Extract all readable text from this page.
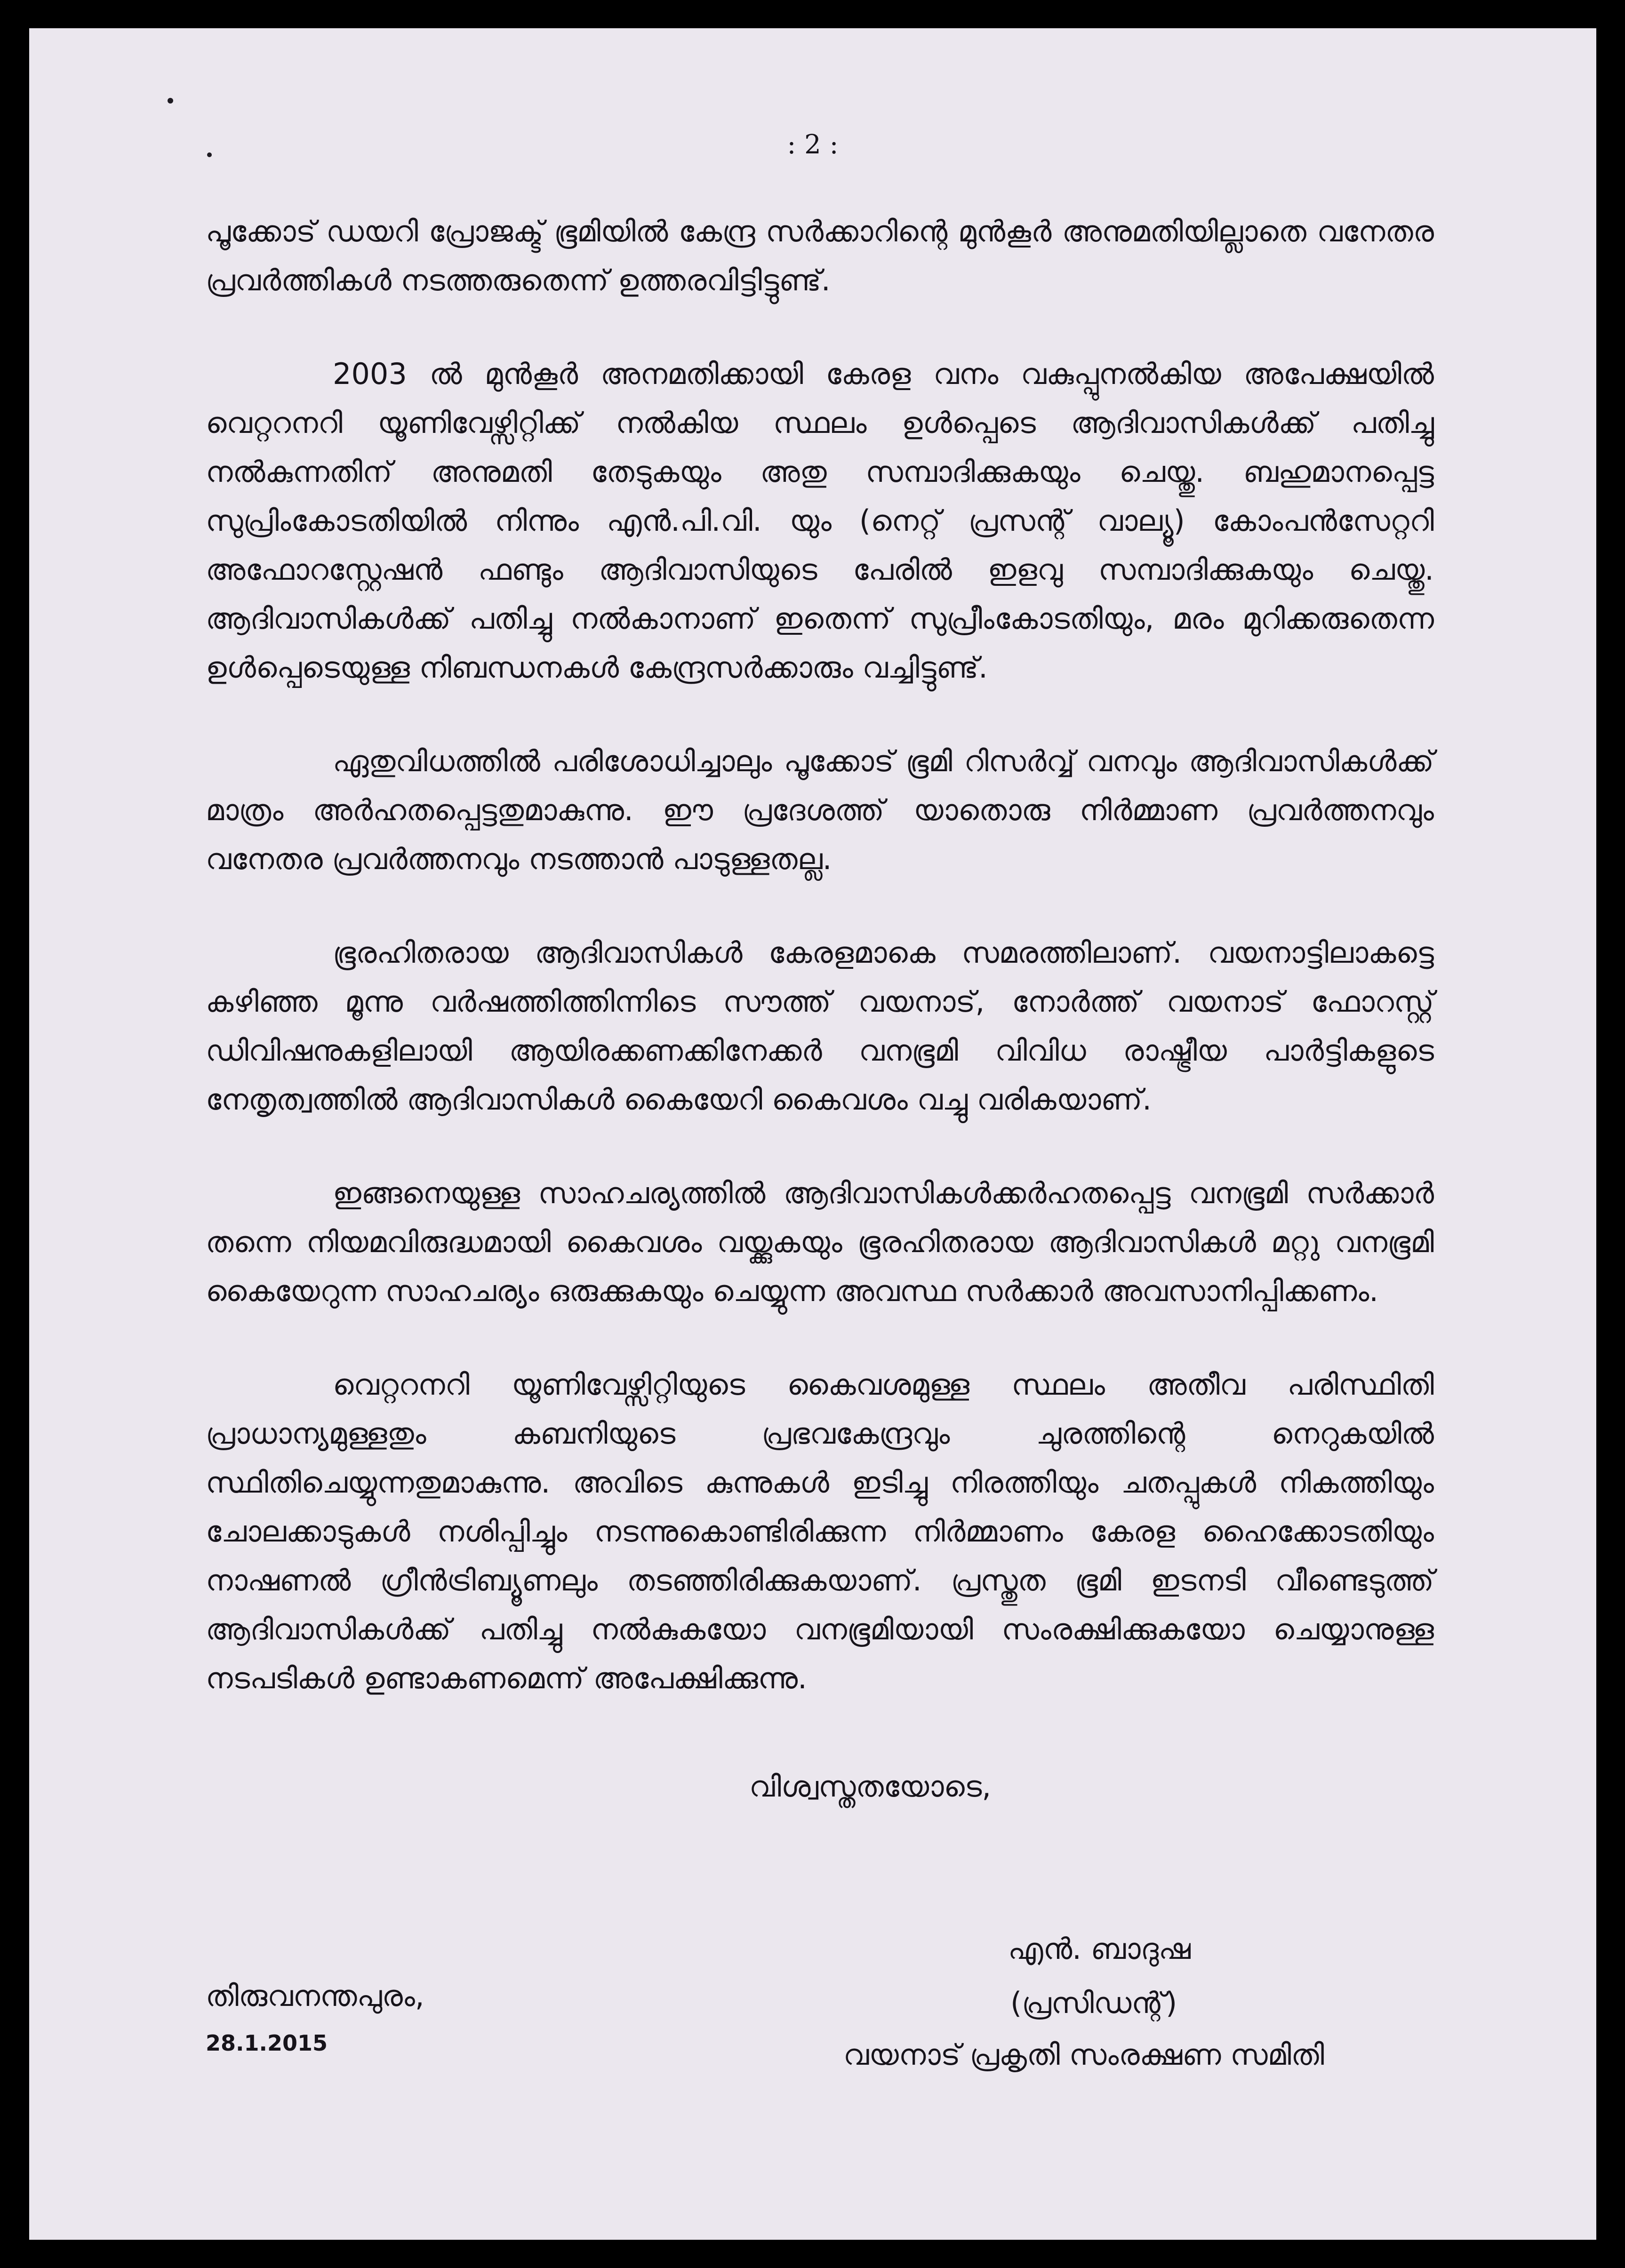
: 2 :

പൂക്കോട് ഡയറി പ്രോജക്ട് ഭൂമിയിൽ കേന്ദ്ര സർക്കാറിന്റെ മുൻകൂർ അനുമതിയില്ലാതെ വനേതര പ്രവർത്തികൾ നടത്തരുതെന്ന് ഉത്തരവിട്ടിട്ടുണ്ട്.

2003 ൽ മുൻകൂർ അനമതിക്കായി കേരള വനം വകുപ്പുനൽകിയ അപേക്ഷയിൽ വെറ്ററനറി യൂണിവേഴ്സിറ്റിക്ക് നൽകിയ സ്ഥലം ഉൾപ്പെടെ ആദിവാസികൾക്ക് പതിച്ചു നൽകുന്നതിന് അനുമതി തേടുകയും അതു സമ്പാദിക്കുകയും ചെയ്തു. ബഹുമാനപ്പെട്ട സുപ്രിംകോടതിയിൽ നിന്നും എൻ.പി.വി. യും (നെറ്റ് പ്രസന്റ് വാല്യൂ) കോംപൻസേറ്ററി അഫോറസ്റ്റേഷൻ ഫണ്ടും ആദിവാസിയുടെ പേരിൽ ഇളവു സമ്പാദിക്കുകയും ചെയ്തു. ആദിവാസികൾക്ക് പതിച്ചു നൽകാനാണ് ഇതെന്ന് സുപ്രീംകോടതിയും, മരം മുറിക്കരുതെന്ന ഉൾപ്പെടെയുള്ള നിബന്ധനകൾ കേന്ദ്രസർക്കാരും വച്ചിട്ടുണ്ട്.

ഏതുവിധത്തിൽ പരിശോധിച്ചാലും പൂക്കോട് ഭൂമി റിസർവ്വ് വനവും ആദിവാസികൾക്ക് മാത്രം അർഹതപ്പെട്ടതുമാകുന്നു. ഈ പ്രദേശത്ത് യാതൊരു നിർമ്മാണ പ്രവർത്തനവും വനേതര പ്രവർത്തനവും നടത്താൻ പാടുള്ളതല്ല.

ഭൂരഹിതരായ ആദിവാസികൾ കേരളമാകെ സമരത്തിലാണ്. വയനാട്ടിലാകട്ടെ കഴിഞ്ഞ മൂന്നു വർഷത്തിത്തിന്നിടെ സൗത്ത് വയനാട്, നോർത്ത് വയനാട് ഫോറസ്റ്റ് ഡിവിഷനുകളിലായി ആയിരക്കണക്കിനേക്കർ വനഭൂമി വിവിധ രാഷ്ട്രീയ പാർട്ടികളുടെ നേതൃത്വത്തിൽ ആദിവാസികൾ കൈയേറി കൈവശം വച്ചു വരികയാണ്.

ഇങ്ങനെയുള്ള സാഹചര്യത്തിൽ ആദിവാസികൾക്കർഹതപ്പെട്ട വനഭൂമി സർക്കാർ തന്നെ നിയമവിരുദ്ധമായി കൈവശം വയ്ക്കുകയും ഭൂരഹിതരായ ആദിവാസികൾ മറ്റു വനഭൂമി കൈയേറുന്ന സാഹചര്യം ഒരുക്കുകയും ചെയ്യുന്ന അവസ്ഥ സർക്കാർ അവസാനിപ്പിക്കണം.

വെറ്ററനറി യൂണിവേഴ്സിറ്റിയുടെ കൈവശമുള്ള സ്ഥലം അതീവ പരിസ്ഥിതി പ്രാധാന്യമുള്ളതും കബനിയുടെ പ്രഭവകേന്ദ്രവും ചുരത്തിന്റെ നെറുകയിൽ സ്ഥിതിചെയ്യുന്നതുമാകുന്നു. അവിടെ കുന്നുകൾ ഇടിച്ചു നിരത്തിയും ചതപ്പുകൾ നികത്തിയും ചോലക്കാടുകൾ നശിപ്പിച്ചും നടന്നുകൊണ്ടിരിക്കുന്ന നിർമ്മാണം കേരള ഹൈക്കോടതിയും നാഷണൽ ഗ്രീൻട്രിബ്യൂണലും തടഞ്ഞിരിക്കുകയാണ്. പ്രസ്തുത ഭൂമി ഇടനടി വീണ്ടെടുത്ത് ആദിവാസികൾക്ക് പതിച്ചു നൽകുകയോ വനഭൂമിയായി സംരക്ഷിക്കുകയോ ചെയ്യാനുള്ള നടപടികൾ ഉണ്ടാകണമെന്ന് അപേക്ഷിക്കുന്നു.

വിശ്വസ്തതയോടെ,
എൻ. ബാദുഷ
(പ്രസിഡന്റ്)
വയനാട് പ്രകൃതി സംരക്ഷണ സമിതി
തിരുവനന്തപുരം,
28.1.2015
